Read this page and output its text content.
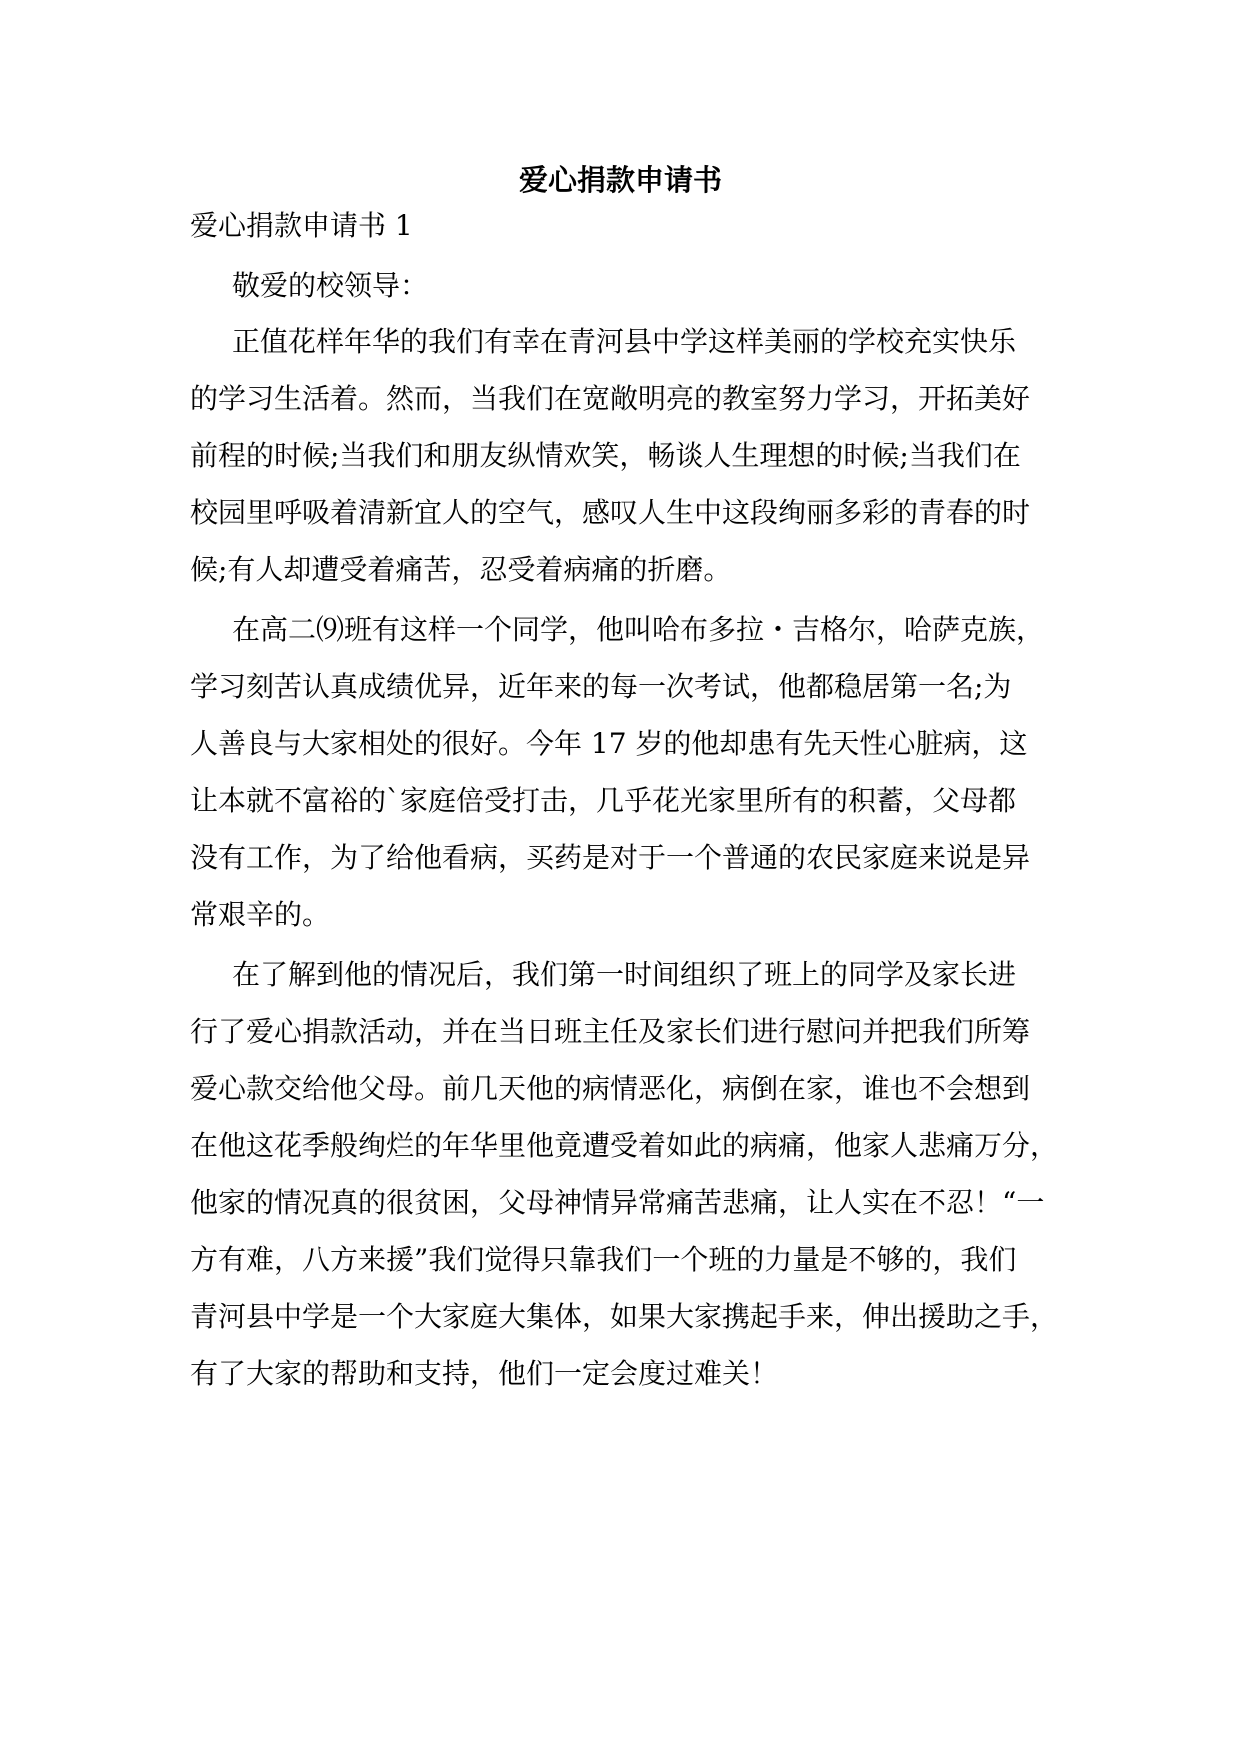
爱心捐款申请书

爱心捐款申请书 1

敬爱的校领导：

正值花样年华的我们有幸在青河县中学这样美丽的学校充实快乐

的学习生活着。然而，当我们在宽敞明亮的教室努力学习，开拓美好

前程的时候;当我们和朋友纵情欢笑，畅谈人生理想的时候;当我们在

校园里呼吸着清新宜人的空气，感叹人生中这段绚丽多彩的青春的时

候;有人却遭受着痛苦，忍受着病痛的折磨。

在高二⑼班有这样一个同学，他叫哈布多拉・吉格尔，哈萨克族，

学习刻苦认真成绩优异，近年来的每一次考试，他都稳居第一名;为

人善良与大家相处的很好。今年 17 岁的他却患有先天性心脏病，这

让本就不富裕的`家庭倍受打击，几乎花光家里所有的积蓄，父母都

没有工作，为了给他看病，买药是对于一个普通的农民家庭来说是异

常艰辛的。

在了解到他的情况后，我们第一时间组织了班上的同学及家长进

行了爱心捐款活动，并在当日班主任及家长们进行慰问并把我们所筹

爱心款交给他父母。前几天他的病情恶化，病倒在家，谁也不会想到

在他这花季般绚烂的年华里他竟遭受着如此的病痛，他家人悲痛万分，

他家的情况真的很贫困，父母神情异常痛苦悲痛，让人实在不忍！“一

方有难，八方来援”我们觉得只靠我们一个班的力量是不够的，我们

青河县中学是一个大家庭大集体，如果大家携起手来，伸出援助之手，

有了大家的帮助和支持，他们一定会度过难关！
